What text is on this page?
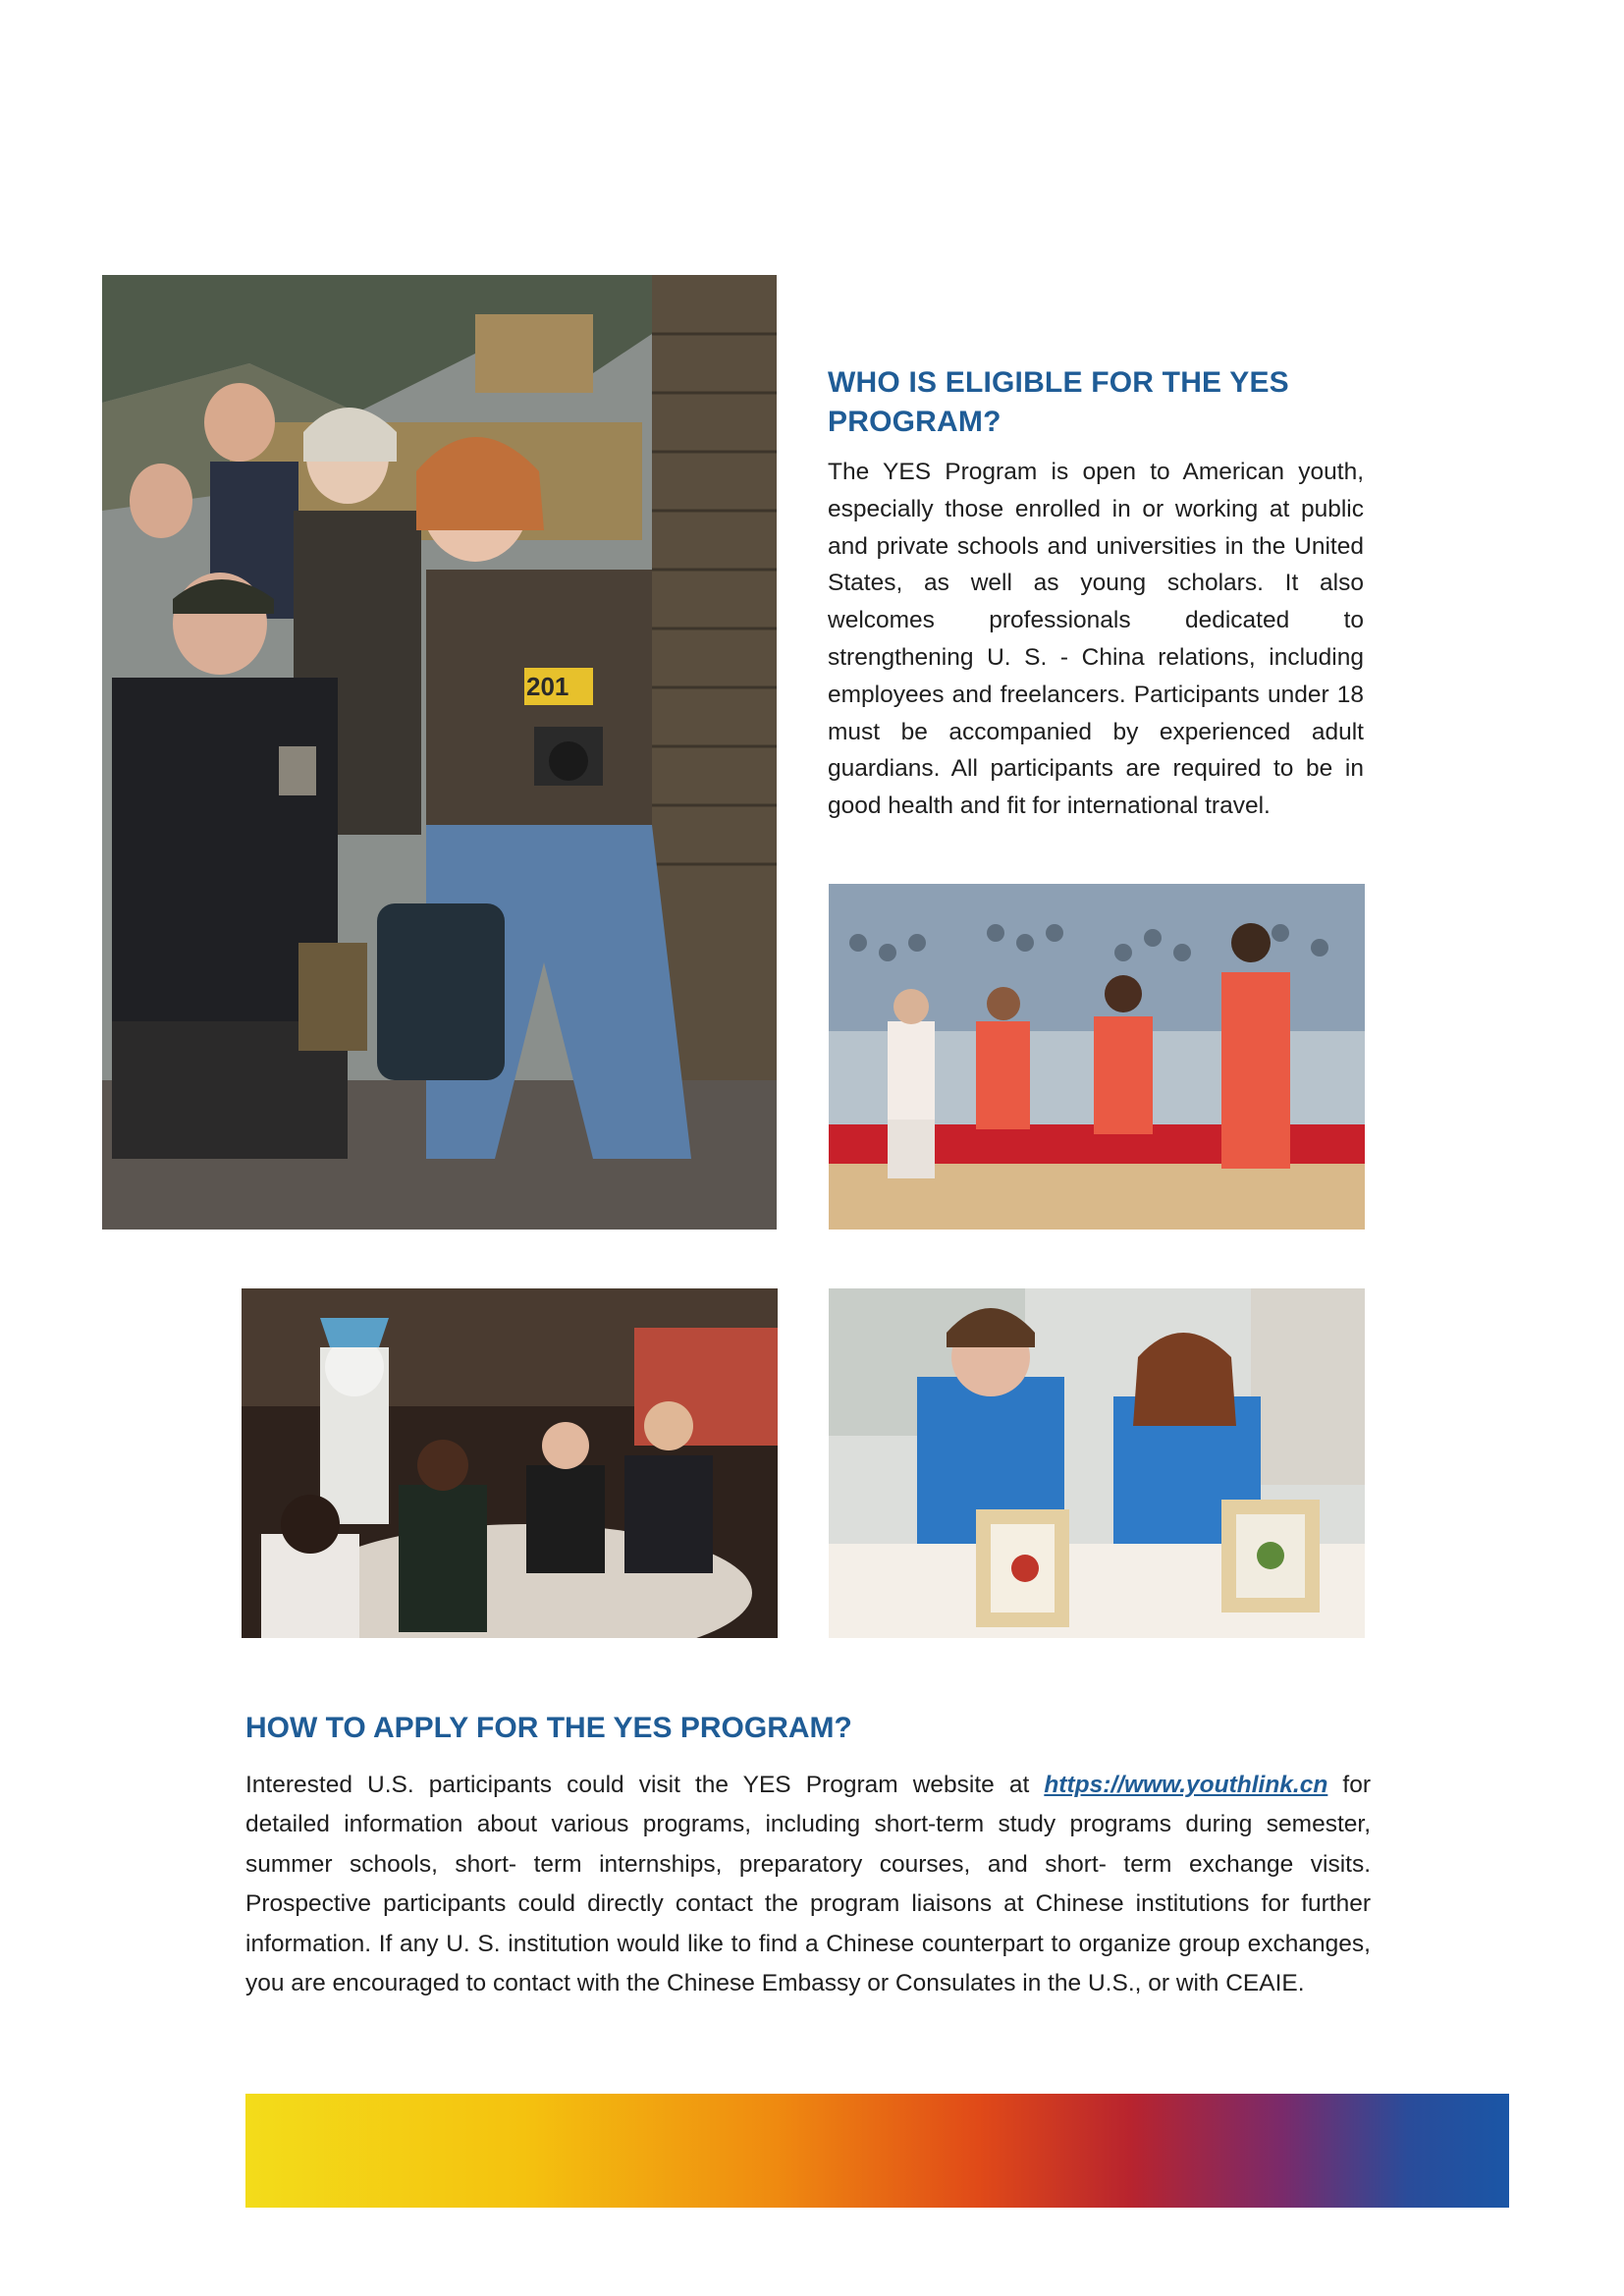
201
WHO IS ELIGIBLE FOR THE YES PROGRAM?

The YES Program is open to American youth, especially those enrolled in or working at public and private schools and universities in the United States, as well as young scholars. It also welcomes professionals dedicated to strengthening U. S. - China relations, including employees and freelancers. Participants under 18 must be accompanied by experienced adult guardians. All participants are required to be in good health and fit for international travel.

HOW TO APPLY FOR THE YES PROGRAM?

Interested U.S. participants could visit the YES Program website at https://www.youthlink.cn for detailed information about various programs, including short-term study programs during semester, summer schools, short- term internships, preparatory courses, and short- term exchange visits. Prospective participants could directly contact the program liaisons at Chinese institutions for further information. If any U. S. institution would like to find a Chinese counterpart to organize group exchanges, you are encouraged to contact with the Chinese Embassy or Consulates in the U.S., or with CEAIE.
